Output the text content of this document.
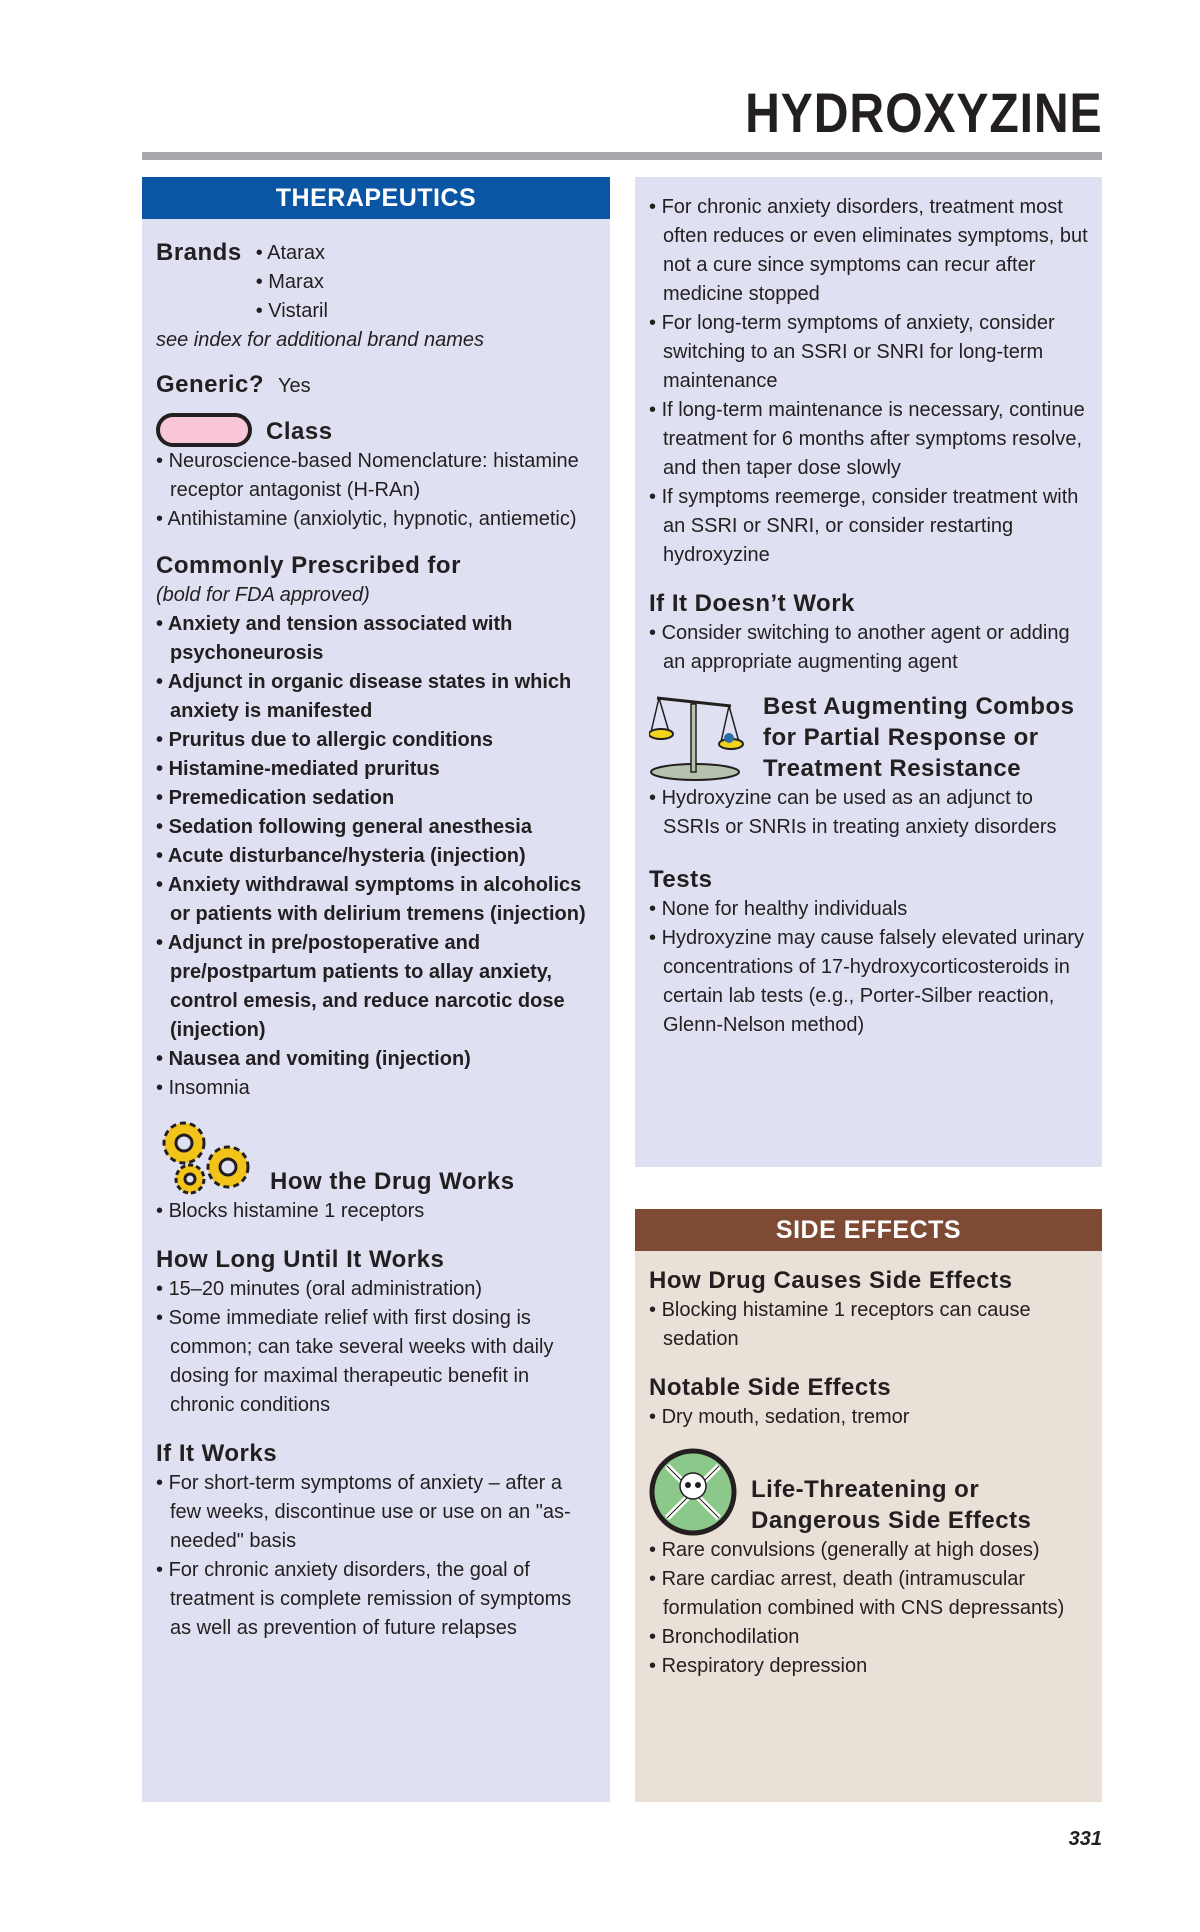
HYDROXYZINE
THERAPEUTICS
Brands	• Atarax
• Marax
• Vistaril
see index for additional brand names
Generic? Yes
Class
• Neuroscience-based Nomenclature: histamine receptor antagonist (H-RAn)
• Antihistamine (anxiolytic, hypnotic, antiemetic)
Commonly Prescribed for
(bold for FDA approved)
• Anxiety and tension associated with psychoneurosis
• Adjunct in organic disease states in which anxiety is manifested
• Pruritus due to allergic conditions
• Histamine-mediated pruritus
• Premedication sedation
• Sedation following general anesthesia
• Acute disturbance/hysteria (injection)
• Anxiety withdrawal symptoms in alcoholics or patients with delirium tremens (injection)
• Adjunct in pre/postoperative and pre/postpartum patients to allay anxiety, control emesis, and reduce narcotic dose (injection)
• Nausea and vomiting (injection)
• Insomnia
How the Drug Works
• Blocks histamine 1 receptors
How Long Until It Works
• 15–20 minutes (oral administration)
• Some immediate relief with first dosing is common; can take several weeks with daily dosing for maximal therapeutic benefit in chronic conditions
If It Works
• For short-term symptoms of anxiety – after a few weeks, discontinue use or use on an "as-needed" basis
• For chronic anxiety disorders, the goal of treatment is complete remission of symptoms as well as prevention of future relapses
• For chronic anxiety disorders, treatment most often reduces or even eliminates symptoms, but not a cure since symptoms can recur after medicine stopped
• For long-term symptoms of anxiety, consider switching to an SSRI or SNRI for long-term maintenance
• If long-term maintenance is necessary, continue treatment for 6 months after symptoms resolve, and then taper dose slowly
• If symptoms reemerge, consider treatment with an SSRI or SNRI, or consider restarting hydroxyzine
If It Doesn’t Work
• Consider switching to another agent or adding an appropriate augmenting agent
Best Augmenting Combos for Partial Response or Treatment Resistance
• Hydroxyzine can be used as an adjunct to SSRIs or SNRIs in treating anxiety disorders
Tests
• None for healthy individuals
• Hydroxyzine may cause falsely elevated urinary concentrations of 17-hydroxycorticosteroids in certain lab tests (e.g., Porter-Silber reaction, Glenn-Nelson method)
SIDE EFFECTS
How Drug Causes Side Effects
• Blocking histamine 1 receptors can cause sedation
Notable Side Effects
• Dry mouth, sedation, tremor
Life-Threatening or Dangerous Side Effects
• Rare convulsions (generally at high doses)
• Rare cardiac arrest, death (intramuscular formulation combined with CNS depressants)
• Bronchodilation
• Respiratory depression
331
